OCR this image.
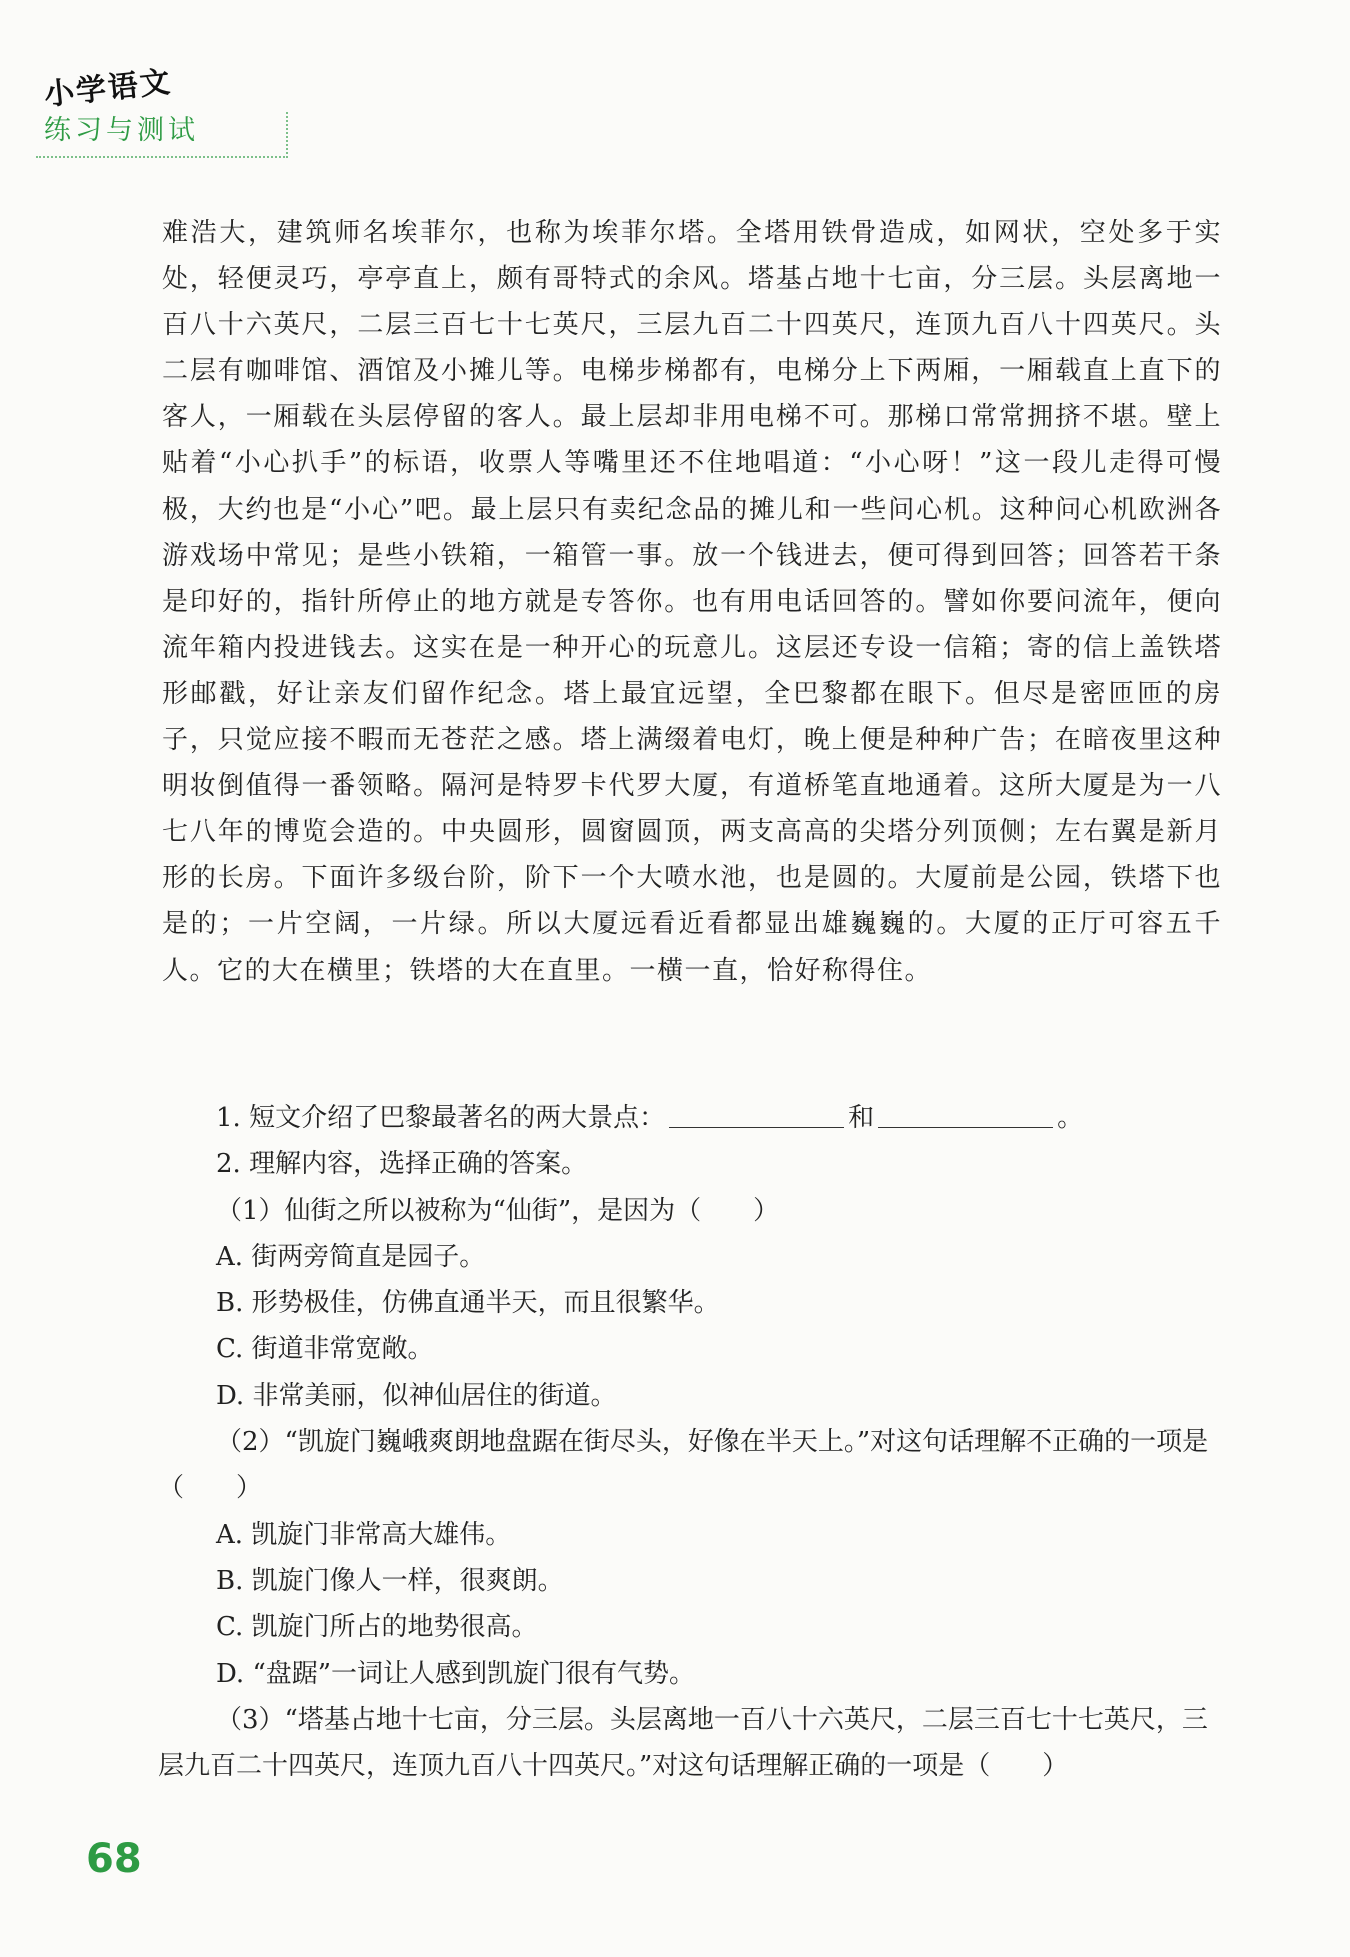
小学语文
练习与测试
难浩大，建筑师名埃菲尔，也称为埃菲尔塔。全塔用铁骨造成，如网状，空处多于实处，轻便灵巧，亭亭直上，颇有哥特式的余风。塔基占地十七亩，分三层。头层离地一百八十六英尺，二层三百七十七英尺，三层九百二十四英尺，连顶九百八十四英尺。头二层有咖啡馆、酒馆及小摊儿等。电梯步梯都有，电梯分上下两厢，一厢载直上直下的客人，一厢载在头层停留的客人。最上层却非用电梯不可。那梯口常常拥挤不堪。壁上贴着“小心扒手”的标语，收票人等嘴里还不住地唱道：“小心呀！”这一段儿走得可慢极，大约也是“小心”吧。最上层只有卖纪念品的摊儿和一些问心机。这种问心机欧洲各游戏场中常见；是些小铁箱，一箱管一事。放一个钱进去，便可得到回答；回答若干条是印好的，指针所停止的地方就是专答你。也有用电话回答的。譬如你要问流年，便向流年箱内投进钱去。这实在是一种开心的玩意儿。这层还专设一信箱；寄的信上盖铁塔形邮戳，好让亲友们留作纪念。塔上最宜远望，全巴黎都在眼下。但尽是密匝匝的房子，只觉应接不暇而无苍茫之感。塔上满缀着电灯，晚上便是种种广告；在暗夜里这种明妆倒值得一番领略。隔河是特罗卡代罗大厦，有道桥笔直地通着。这所大厦是为一八七八年的博览会造的。中央圆形，圆窗圆顶，两支高高的尖塔分列顶侧；左右翼是新月形的长房。下面许多级台阶，阶下一个大喷水池，也是圆的。大厦前是公园，铁塔下也是的；一片空阔，一片绿。所以大厦远看近看都显出雄巍巍的。大厦的正厅可容五千人。它的大在横里；铁塔的大在直里。一横一直，恰好称得住。
1. 短文介绍了巴黎最著名的两大景点：	和	。
2. 理解内容，选择正确的答案。
（1）仙街之所以被称为“仙街”，是因为（　　）
A. 街两旁简直是园子。
B. 形势极佳，仿佛直通半天，而且很繁华。
C. 街道非常宽敞。
D. 非常美丽，似神仙居住的街道。
（2）“凯旋门巍峨爽朗地盘踞在街尽头，好像在半天上。”对这句话理解不正确的一项是（　　）
A. 凯旋门非常高大雄伟。
B. 凯旋门像人一样，很爽朗。
C. 凯旋门所占的地势很高。
D. “盘踞”一词让人感到凯旋门很有气势。
（3）“塔基占地十七亩，分三层。头层离地一百八十六英尺，二层三百七十七英尺，三层九百二十四英尺，连顶九百八十四英尺。”对这句话理解正确的一项是（　　）
68
